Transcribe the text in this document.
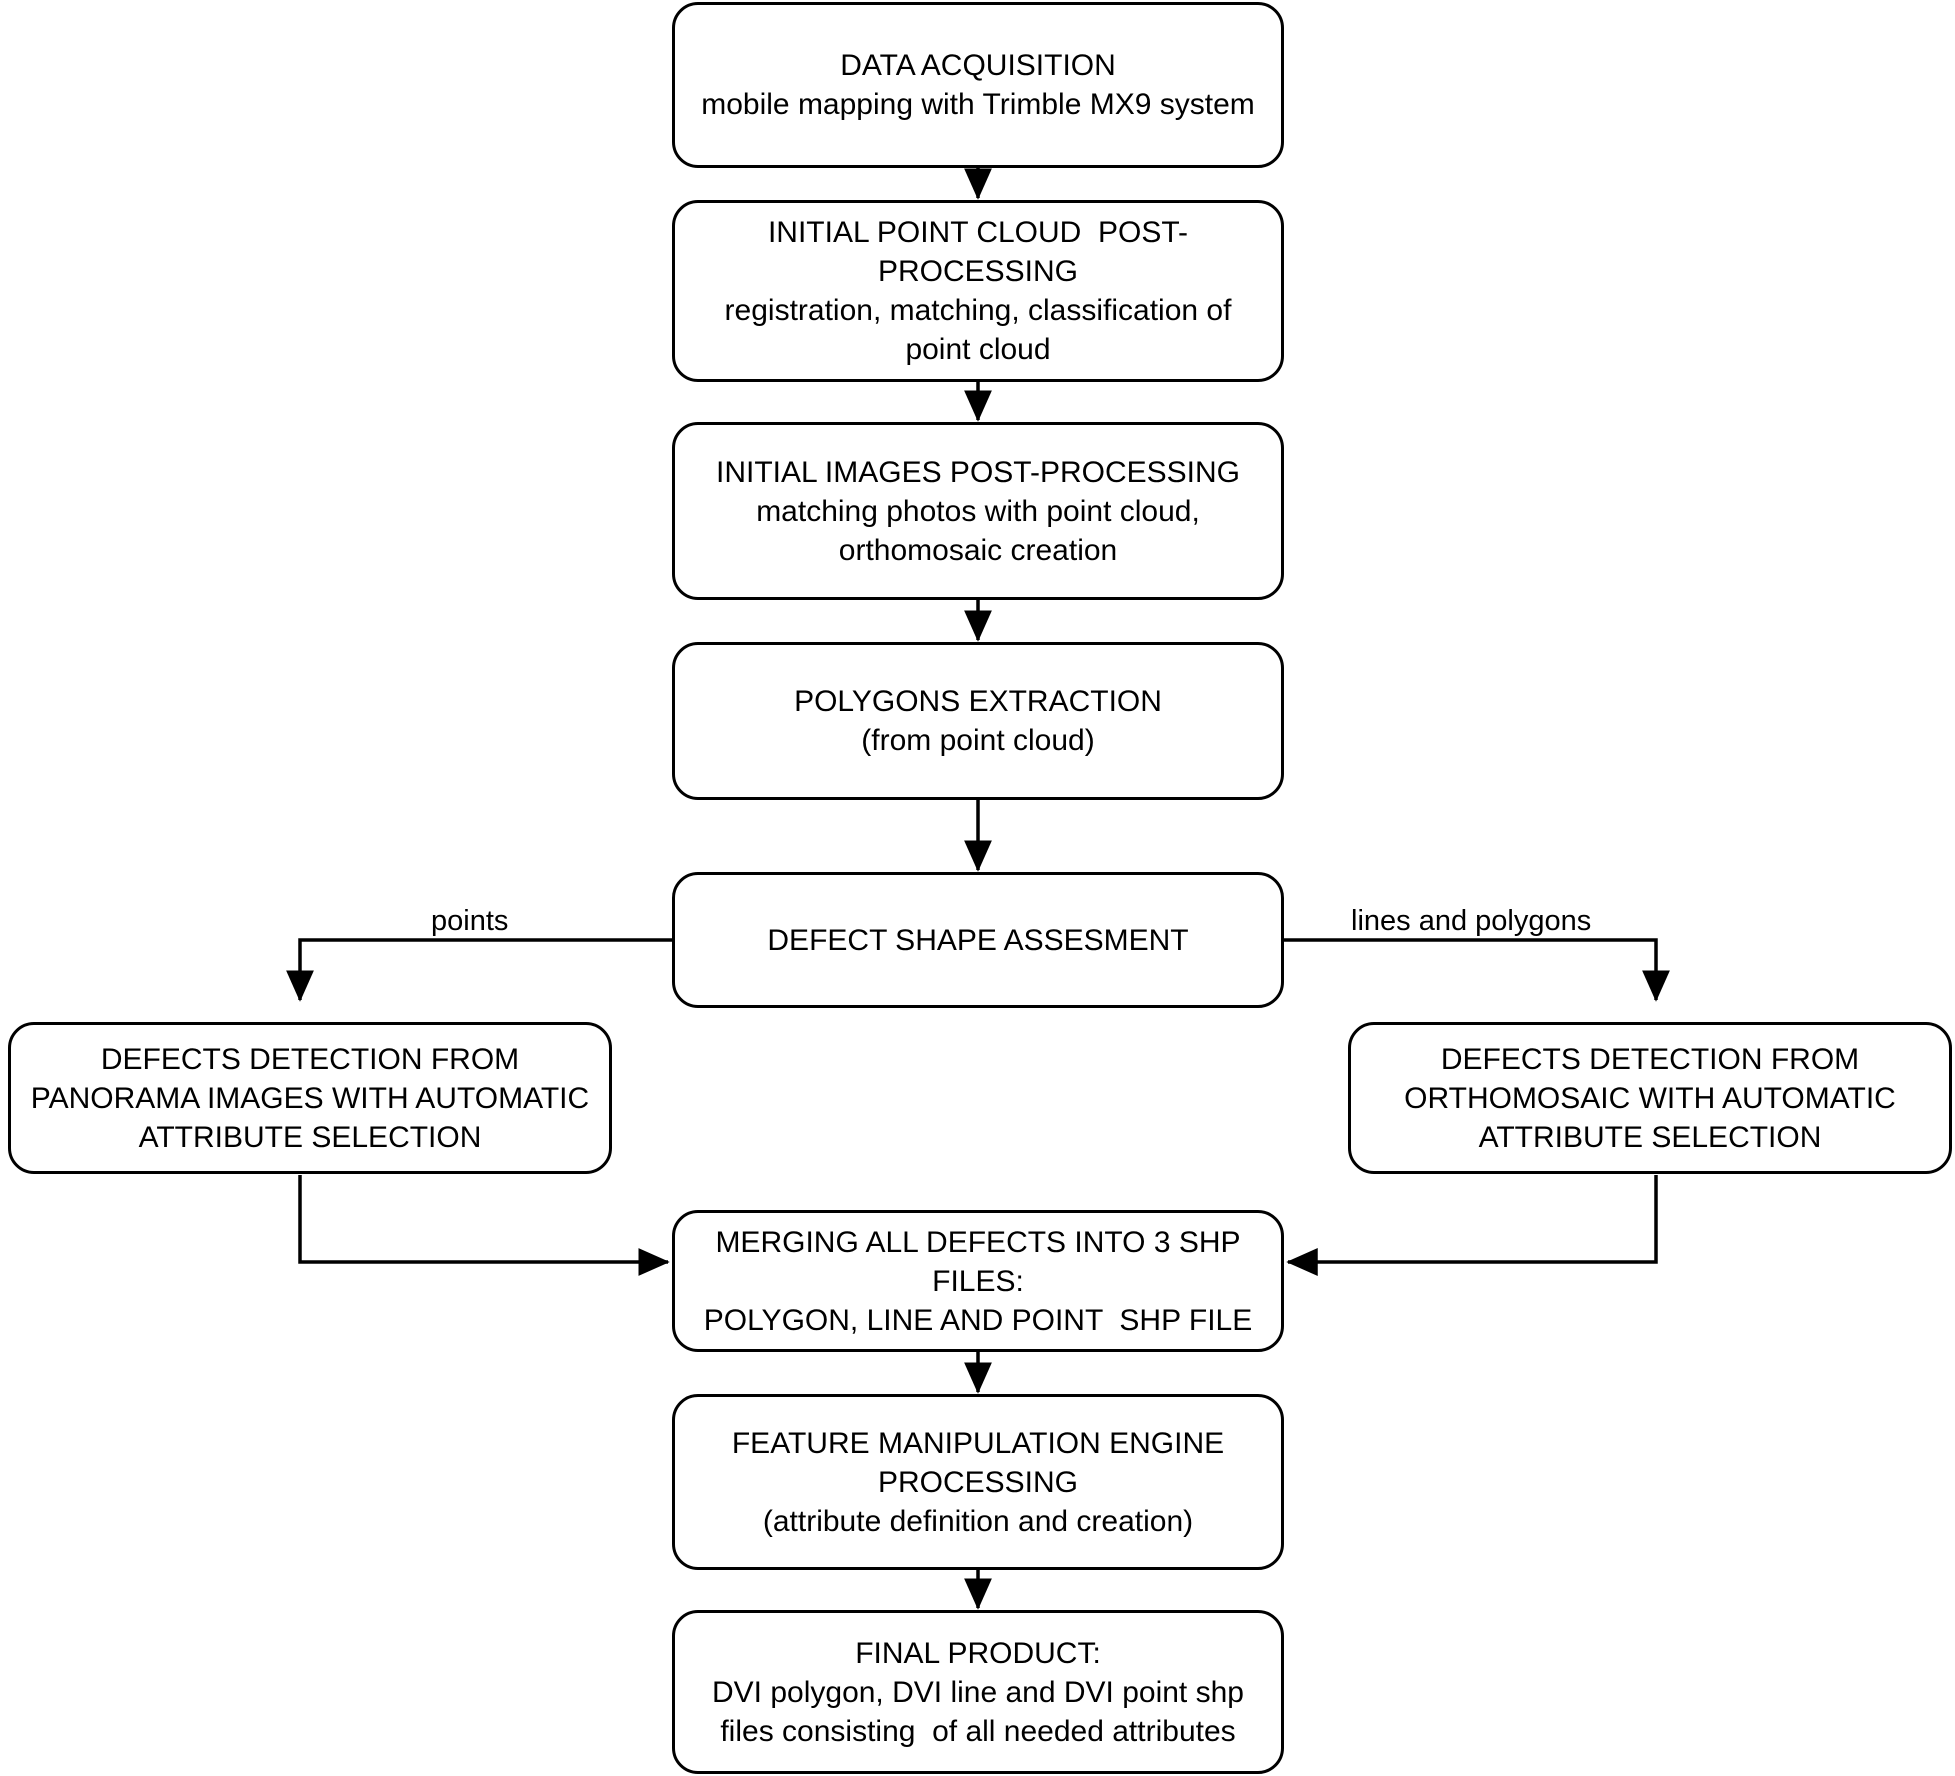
DATA ACQUISITION
mobile mapping with Trimble MX9 system
INITIAL POINT CLOUD  POST-
PROCESSING
registration, matching, classification of
point cloud
INITIAL IMAGES POST-PROCESSING
matching photos with point cloud,
orthomosaic creation
POLYGONS EXTRACTION
(from point cloud)
DEFECT SHAPE ASSESMENT
DEFECTS DETECTION FROM
PANORAMA IMAGES WITH AUTOMATIC
ATTRIBUTE SELECTION
DEFECTS DETECTION FROM
ORTHOMOSAIC WITH AUTOMATIC
ATTRIBUTE SELECTION
MERGING ALL DEFECTS INTO 3 SHP
FILES:
POLYGON, LINE AND POINT  SHP FILE
FEATURE MANIPULATION ENGINE
PROCESSING
(attribute definition and creation)
FINAL PRODUCT:
DVI polygon, DVI line and DVI point shp
files consisting  of all needed attributes
points	lines and polygons
